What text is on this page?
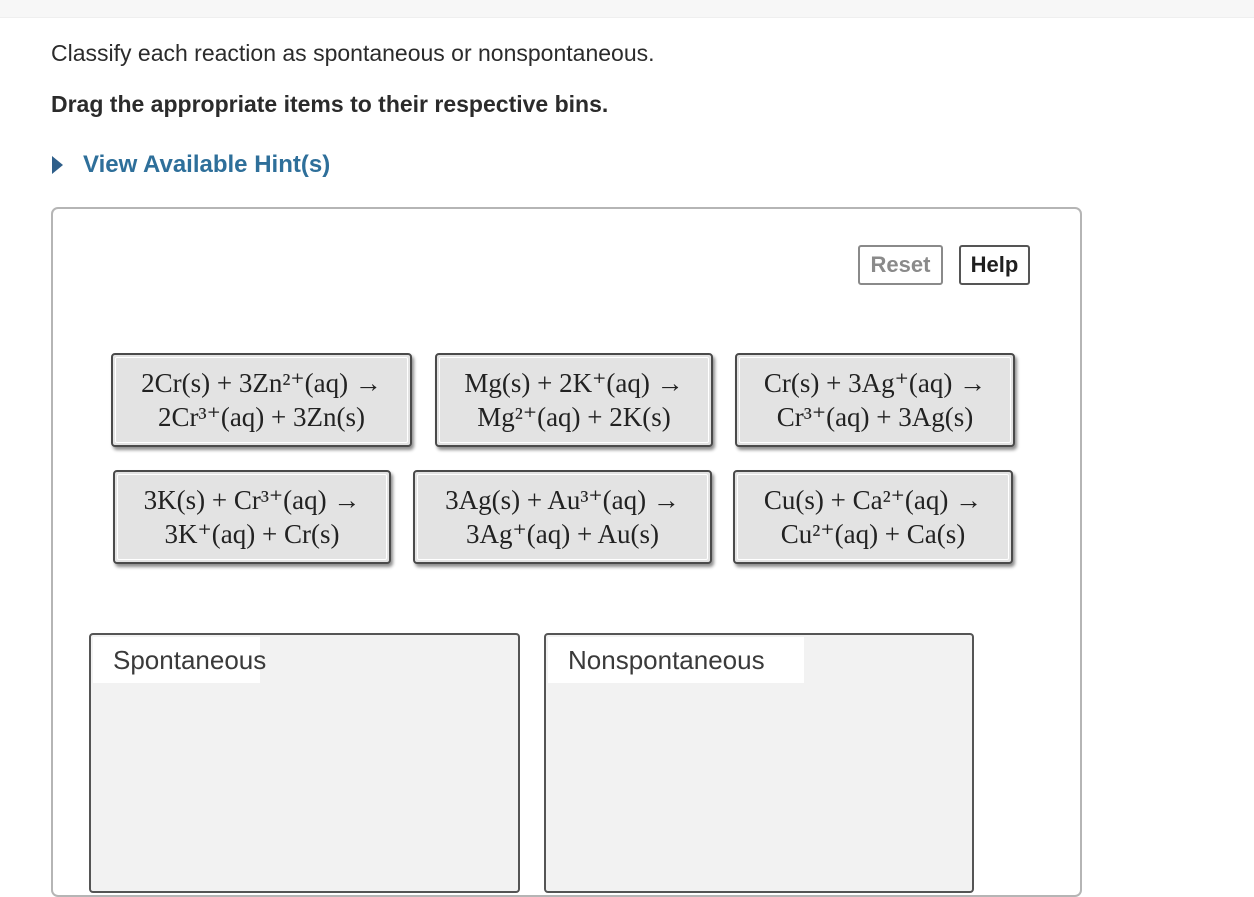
Classify each reaction as spontaneous or nonspontaneous.
Drag the appropriate items to their respective bins.
View Available Hint(s)
Reset	Help
2Cr(s) + 3Zn²⁺(aq) →
2Cr³⁺(aq) + 3Zn(s)
Mg(s) + 2K⁺(aq) →
Mg²⁺(aq) + 2K(s)
Cr(s) + 3Ag⁺(aq) →
Cr³⁺(aq) + 3Ag(s)
3K(s) + Cr³⁺(aq) →
3K⁺(aq) + Cr(s)
3Ag(s) + Au³⁺(aq) →
3Ag⁺(aq) + Au(s)
Cu(s) + Ca²⁺(aq) →
Cu²⁺(aq) + Ca(s)
Spontaneous	Nonspontaneous
